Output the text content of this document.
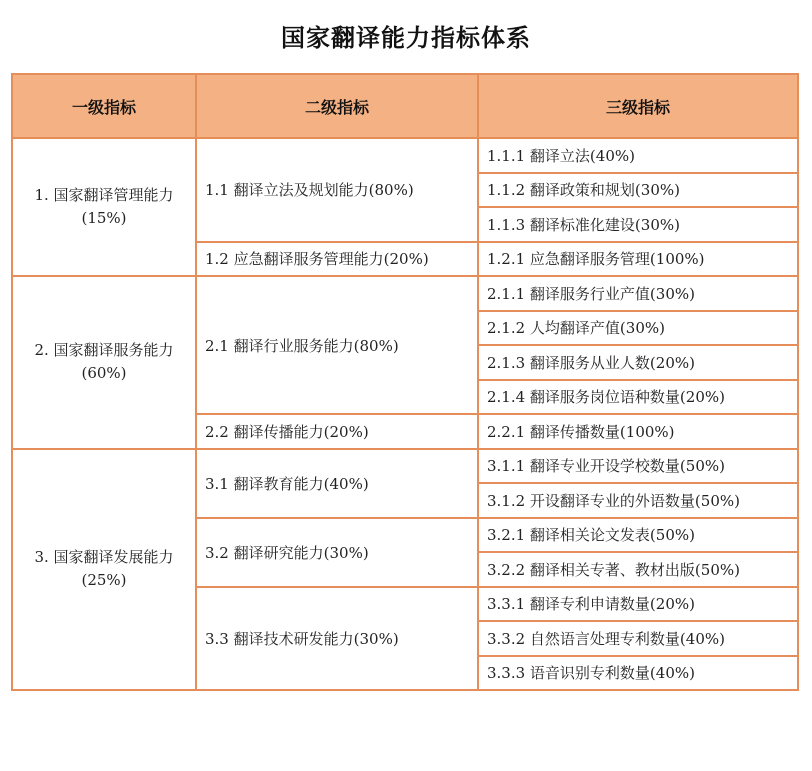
国家翻译能力指标体系
一级指标	二级指标	三级指标

1. 国家翻译管理能力
(15%)	1.1 翻译立法及规划能力(80%)	1.1.1 翻译立法(40%)
		1.1.2 翻译政策和规划(30%)
		1.1.3 翻译标准化建设(30%)
	1.2 应急翻译服务管理能力(20%)	1.2.1 应急翻译服务管理(100%)

2. 国家翻译服务能力
(60%)	2.1 翻译行业服务能力(80%)	2.1.1 翻译服务行业产值(30%)
		2.1.2 人均翻译产值(30%)
		2.1.3 翻译服务从业人数(20%)
		2.1.4 翻译服务岗位语种数量(20%)
	2.2 翻译传播能力(20%)	2.2.1 翻译传播数量(100%)

3. 国家翻译发展能力
(25%)	3.1 翻译教育能力(40%)	3.1.1 翻译专业开设学校数量(50%)
		3.1.2 开设翻译专业的外语数量(50%)
	3.2 翻译研究能力(30%)	3.2.1 翻译相关论文发表(50%)
		3.2.2 翻译相关专著、教材出版(50%)
	3.3 翻译技术研发能力(30%)	3.3.1 翻译专利申请数量(20%)
		3.3.2 自然语言处理专利数量(40%)
		3.3.3 语音识别专利数量(40%)
